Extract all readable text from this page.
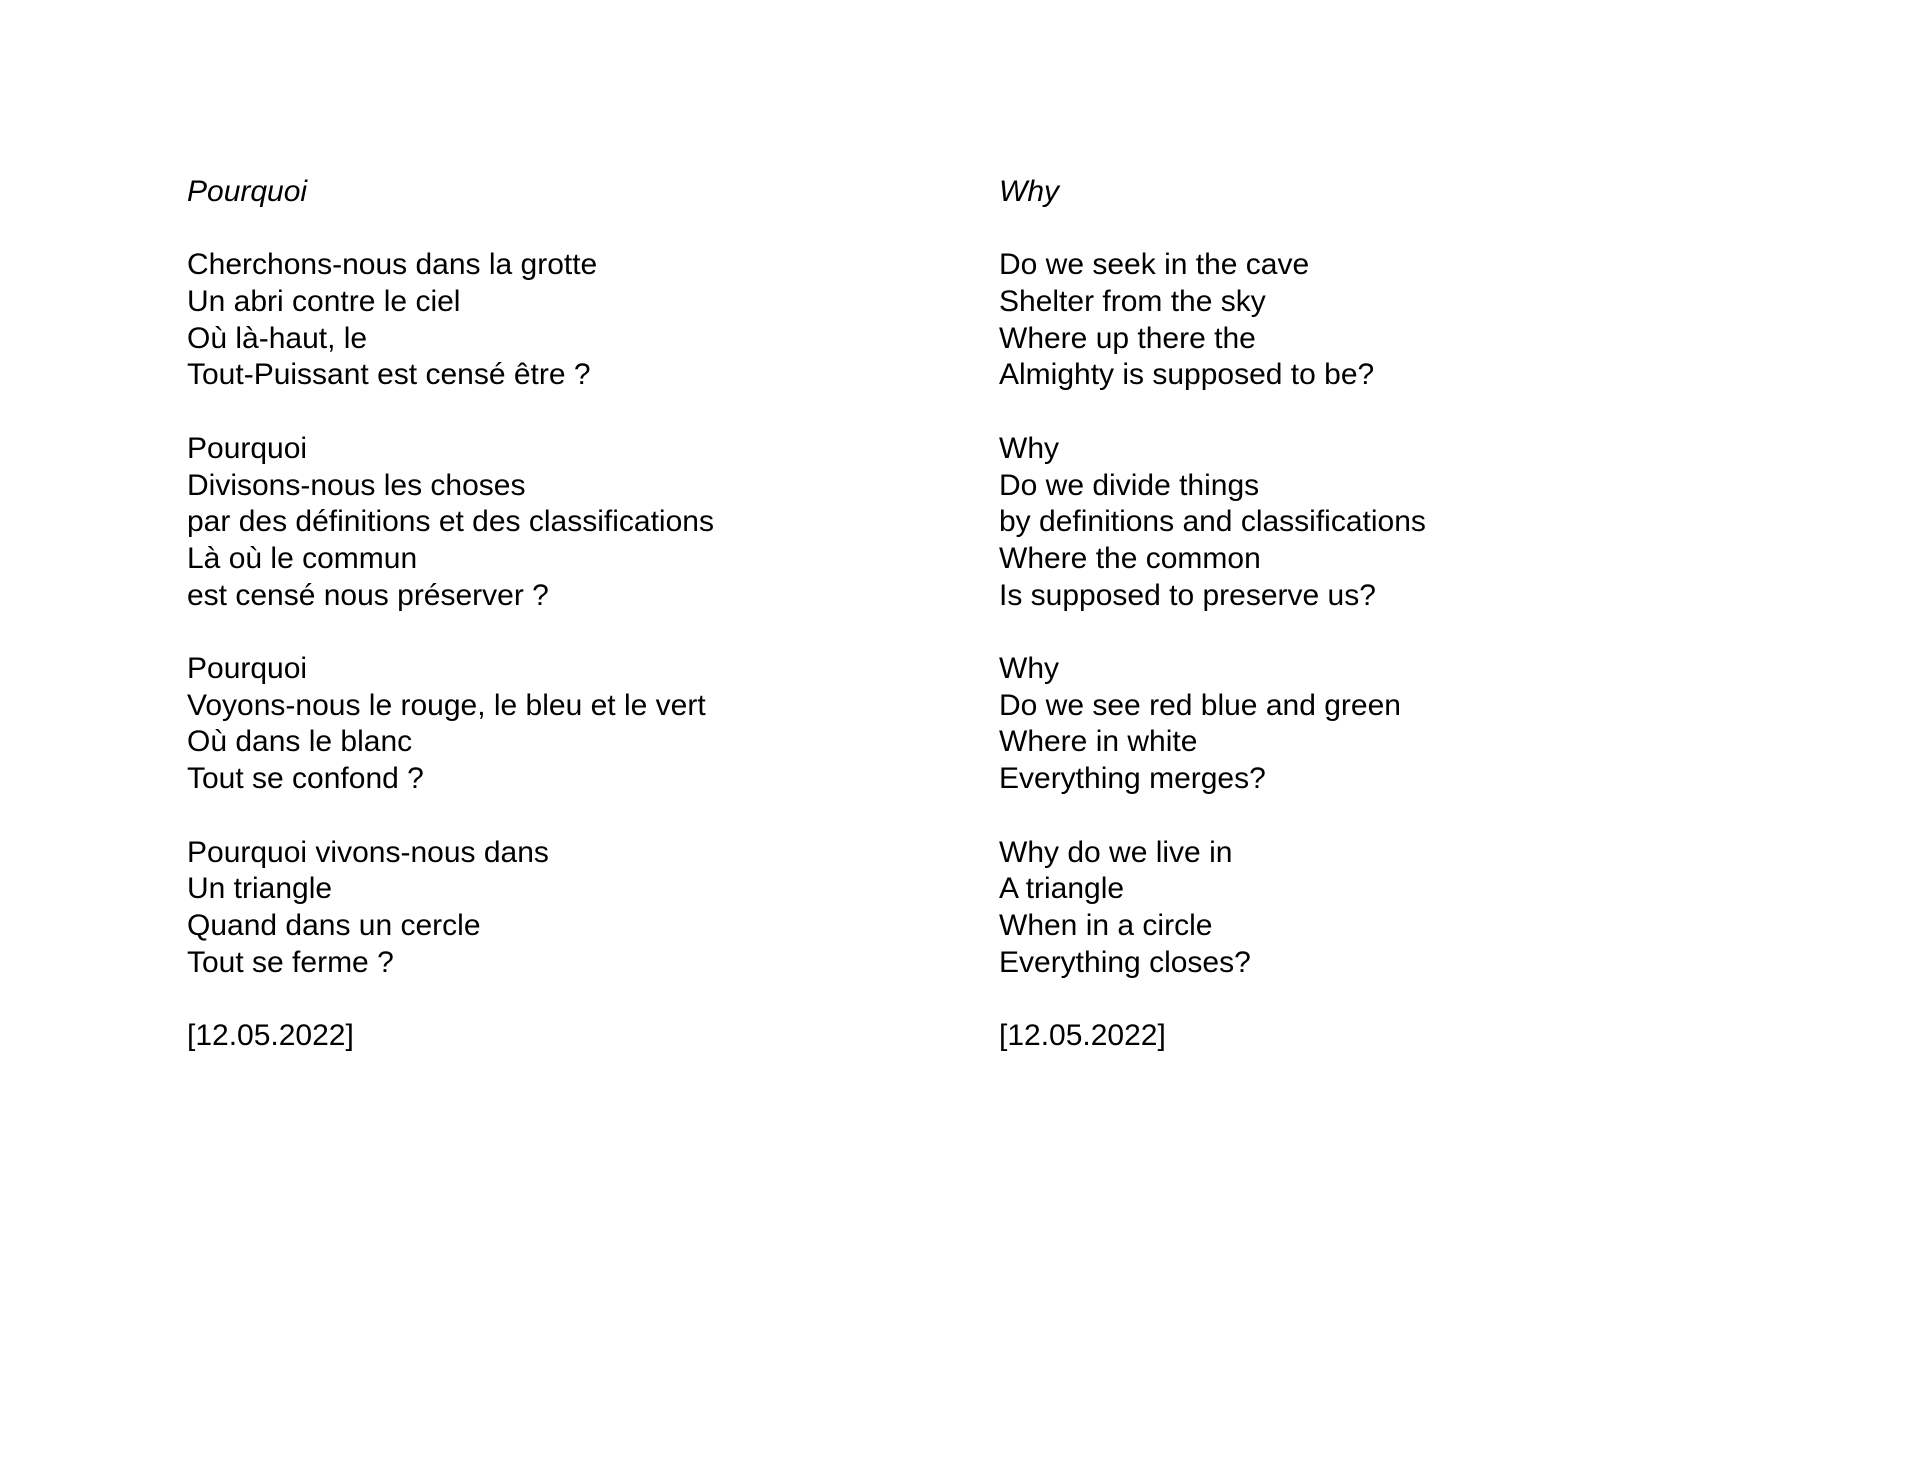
Pourquoi
Cherchons-nous dans la grotte
Un abri contre le ciel
Où là-haut, le
Tout-Puissant est censé être ?
Pourquoi
Divisons-nous les choses
par des définitions et des classifications
Là où le commun
est censé nous préserver ?
Pourquoi
Voyons-nous le rouge, le bleu et le vert
Où dans le blanc
Tout se confond ?
Pourquoi vivons-nous dans
Un triangle
Quand dans un cercle
Tout se ferme ?
[12.05.2022]
Why
Do we seek in the cave
Shelter from the sky
Where up there the
Almighty is supposed to be?
Why
Do we divide things
by definitions and classifications
Where the common
Is supposed to preserve us?
Why
Do we see red blue and green
Where in white
Everything merges?
Why do we live in
A triangle
When in a circle
Everything closes?
[12.05.2022]
